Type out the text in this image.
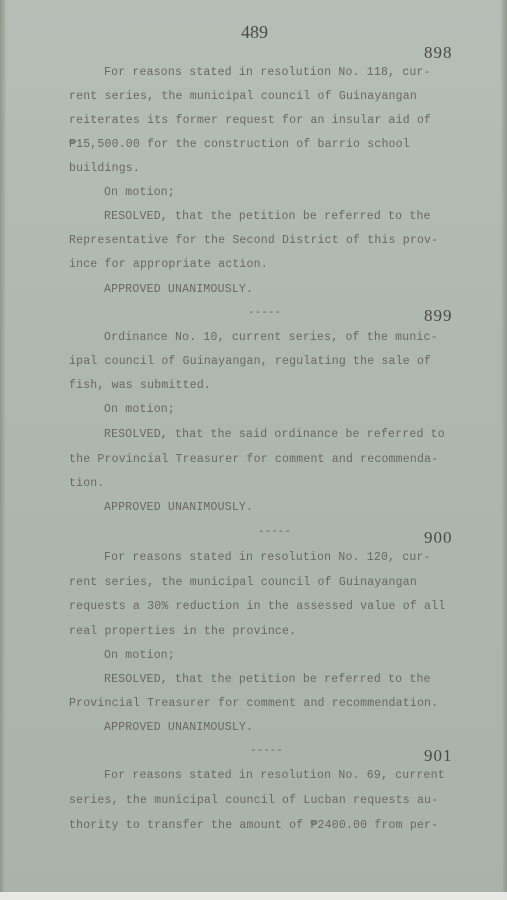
489
898
For reasons stated in resolution No. 118, cur-
rent series, the municipal council of Guinayangan
reiterates its former request for an insular aid of
₱15,500.00 for the construction of barrio school
buildings.
On motion;
RESOLVED, that the petition be referred to the
Representative for the Second District of this prov-
ince for appropriate action.
APPROVED UNANIMOUSLY.
-----	899
Ordinance No. 10, current series, of the munic-
ipal council of Guinayangan, regulating the sale of
fish, was submitted.
On motion;
RESOLVED, that the said ordinance be referred to
the Provincial Treasurer for comment and recommenda-
tion.
APPROVED UNANIMOUSLY.
-----	900
For reasons stated in resolution No. 120, cur-
rent series, the municipal council of Guinayangan
requests a 30% reduction in the assessed value of all
real properties in the province.
On motion;
RESOLVED, that the petition be referred to the
Provincial Treasurer for comment and recommendation.
APPROVED UNANIMOUSLY.
-----	901
For reasons stated in resolution No. 69, current
series, the municipal council of Lucban requests au-
thority to transfer the amount of ₱2400.00 from per-
